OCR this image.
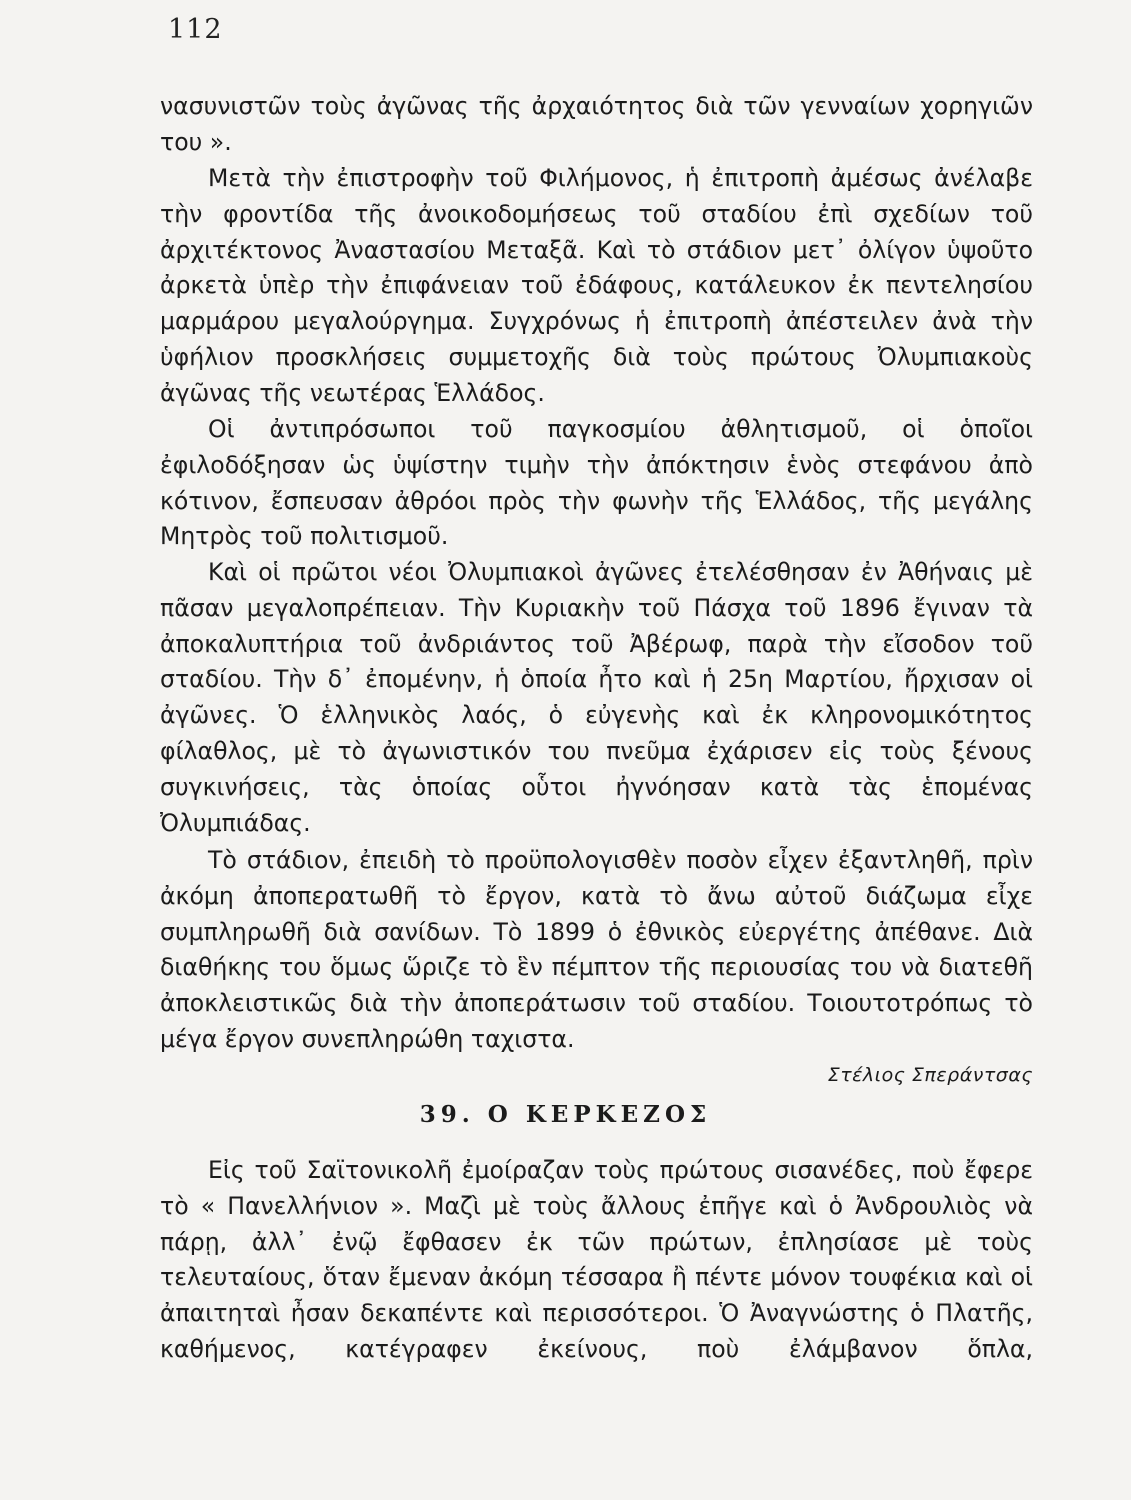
112

νασυνιστῶν τοὺς ἀγῶνας τῆς ἀρχαιότητος διὰ τῶν γενναίων χορηγιῶν του ».

Μετὰ τὴν ἐπιστροφὴν τοῦ Φιλήμονος, ἡ ἐπιτροπὴ ἀμέσως ἀνέλαβε τὴν φροντίδα τῆς ἀνοικοδομήσεως τοῦ σταδίου ἐπὶ σχεδίων τοῦ ἀρχιτέκτονος Ἀναστασίου Μεταξᾶ. Καὶ τὸ στάδιον μετ᾽ ὀλίγον ὑψοῦτο ἀρκετὰ ὑπὲρ τὴν ἐπιφάνειαν τοῦ ἐδάφους, κατάλευκον ἐκ πεντελησίου μαρμάρου μεγαλούργημα. Συγχρόνως ἡ ἐπιτροπὴ ἀπέστειλεν ἀνὰ τὴν ὑφήλιον προσκλήσεις συμμετοχῆς διὰ τοὺς πρώτους Ὀλυμπιακοὺς ἀγῶνας τῆς νεωτέρας Ἑλλάδος.

Οἱ ἀντιπρόσωποι τοῦ παγκοσμίου ἀθλητισμοῦ, οἱ ὁποῖοι ἐφιλοδόξησαν ὡς ὑψίστην τιμὴν τὴν ἀπόκτησιν ἑνὸς στεφάνου ἀπὸ κότινον, ἔσπευσαν ἀθρόοι πρὸς τὴν φωνὴν τῆς Ἑλλάδος, τῆς μεγάλης Μητρὸς τοῦ πολιτισμοῦ.

Καὶ οἱ πρῶτοι νέοι Ὀλυμπιακοὶ ἀγῶνες ἐτελέσθησαν ἐν Ἀθήναις μὲ πᾶσαν μεγαλοπρέπειαν. Τὴν Κυριακὴν τοῦ Πάσχα τοῦ 1896 ἔγιναν τὰ ἀποκαλυπτήρια τοῦ ἀνδριάντος τοῦ Ἀβέρωφ, παρὰ τὴν εἴσοδον τοῦ σταδίου. Τὴν δ᾽ ἐπομένην, ἡ ὁποία ἦτο καὶ ἡ 25η Μαρτίου, ἤρχισαν οἱ ἀγῶνες. Ὁ ἑλληνικὸς λαός, ὁ εὐγενὴς καὶ ἐκ κληρονομικότητος φίλαθλος, μὲ τὸ ἀγωνιστικόν του πνεῦμα ἐχάρισεν εἰς τοὺς ξένους συγκινήσεις, τὰς ὁποίας οὗτοι ἠγνόησαν κατὰ τὰς ἑπομένας Ὀλυμπιάδας.

Τὸ στάδιον, ἐπειδὴ τὸ προϋπολογισθὲν ποσὸν εἶχεν ἐξαντληθῆ, πρὶν ἀκόμη ἀποπερατωθῆ τὸ ἔργον, κατὰ τὸ ἄνω αὐτοῦ διάζωμα εἶχε συμπληρωθῆ διὰ σανίδων. Τὸ 1899 ὁ ἐθνικὸς εὐεργέτης ἀπέθανε. Διὰ διαθήκης του ὅμως ὥριζε τὸ ἓν πέμπτον τῆς περιουσίας του νὰ διατεθῆ ἀποκλειστικῶς διὰ τὴν ἀποπεράτωσιν τοῦ σταδίου. Τοιουτοτρόπως τὸ μέγα ἔργον συνεπληρώθη ταχιστα.

Στέλιος Σπεράντσας
39. Ο ΚΕΡΚΕΖΟΣ

Εἰς τοῦ Σαϊτονικολῆ ἐμοίραζαν τοὺς πρώτους σισανέδες, ποὺ ἔφερε τὸ « Πανελλήνιον ». Μαζὶ μὲ τοὺς ἄλλους ἐπῆγε καὶ ὁ Ἀνδρουλιὸς νὰ πάρῃ, ἀλλ᾽ ἐνῷ ἔφθασεν ἐκ τῶν πρώτων, ἐπλησίασε μὲ τοὺς τελευταίους, ὅταν ἔμεναν ἀκόμη τέσσαρα ἢ πέντε μόνον τουφέκια καὶ οἱ ἀπαιτηταὶ ἦσαν δεκαπέντε καὶ περισσότεροι. Ὁ Ἀναγνώστης ὁ Πλατῆς, καθήμενος, κατέγραφεν ἐκείνους, ποὺ ἐλάμβανον ὅπλα,
